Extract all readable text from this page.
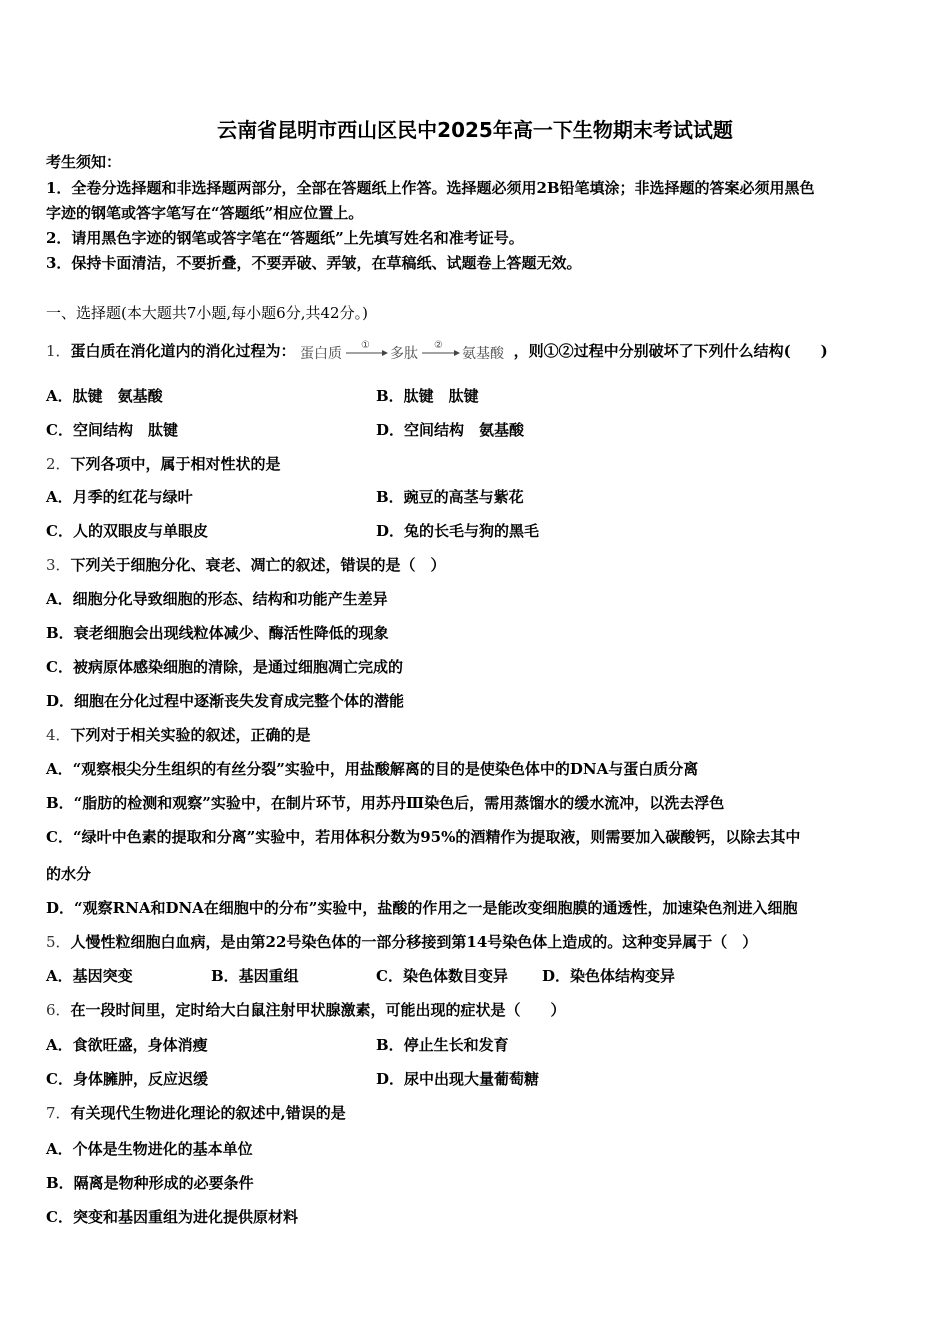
云南省昆明市西山区民中2025年高一下生物期末考试试题
考生须知：
1．全卷分选择题和非选择题两部分，全部在答题纸上作答。选择题必须用2B铅笔填涂；非选择题的答案必须用黑色
字迹的钢笔或答字笔写在“答题纸”相应位置上。
2．请用黑色字迹的钢笔或答字笔在“答题纸”上先填写姓名和准考证号。
3．保持卡面清洁，不要折叠，不要弄破、弄皱，在草稿纸、试题卷上答题无效。
一、选择题(本大题共7小题,每小题6分,共42分。)
1．蛋白质在消化道内的消化过程为： 蛋白质
①
多肽
②
氨基酸 ，则①②过程中分别破坏了下列什么结构(　　)
A．肽键　氨基酸	B．肽键　肽键
C．空间结构　肽键	D．空间结构　氨基酸
2．下列各项中，属于相对性状的是
A．月季的红花与绿叶	B．豌豆的高茎与紫花
C．人的双眼皮与单眼皮	D．兔的长毛与狗的黑毛
3．下列关于细胞分化、衰老、凋亡的叙述，错误的是（　）
A．细胞分化导致细胞的形态、结构和功能产生差异
B．衰老细胞会出现线粒体减少、酶活性降低的现象
C．被病原体感染细胞的清除，是通过细胞凋亡完成的
D．细胞在分化过程中逐渐丧失发育成完整个体的潜能
4．下列对于相关实验的叙述，正确的是
A．“观察根尖分生组织的有丝分裂”实验中，用盐酸解离的目的是使染色体中的DNA与蛋白质分离
B．“脂肪的检测和观察”实验中，在制片环节，用苏丹Ⅲ染色后，需用蒸馏水的缓水流冲，以洗去浮色
C．“绿叶中色素的提取和分离”实验中，若用体积分数为95%的酒精作为提取液，则需要加入碳酸钙，以除去其中
的水分
D．“观察RNA和DNA在细胞中的分布”实验中，盐酸的作用之一是能改变细胞膜的通透性，加速染色剂进入细胞
5．人慢性粒细胞白血病，是由第22号染色体的一部分移接到第14号染色体上造成的。这种变异属于（　）
A．基因突变	B．基因重组	C．染色体数目变异 D．染色体结构变异
6．在一段时间里，定时给大白鼠注射甲状腺激素，可能出现的症状是（　　）
A．食欲旺盛，身体消瘦	B．停止生长和发育
C．身体臃肿，反应迟缓	D．尿中出现大量葡萄糖
7．有关现代生物进化理论的叙述中,错误的是
A．个体是生物进化的基本单位
B．隔离是物种形成的必要条件
C．突变和基因重组为进化提供原材料
